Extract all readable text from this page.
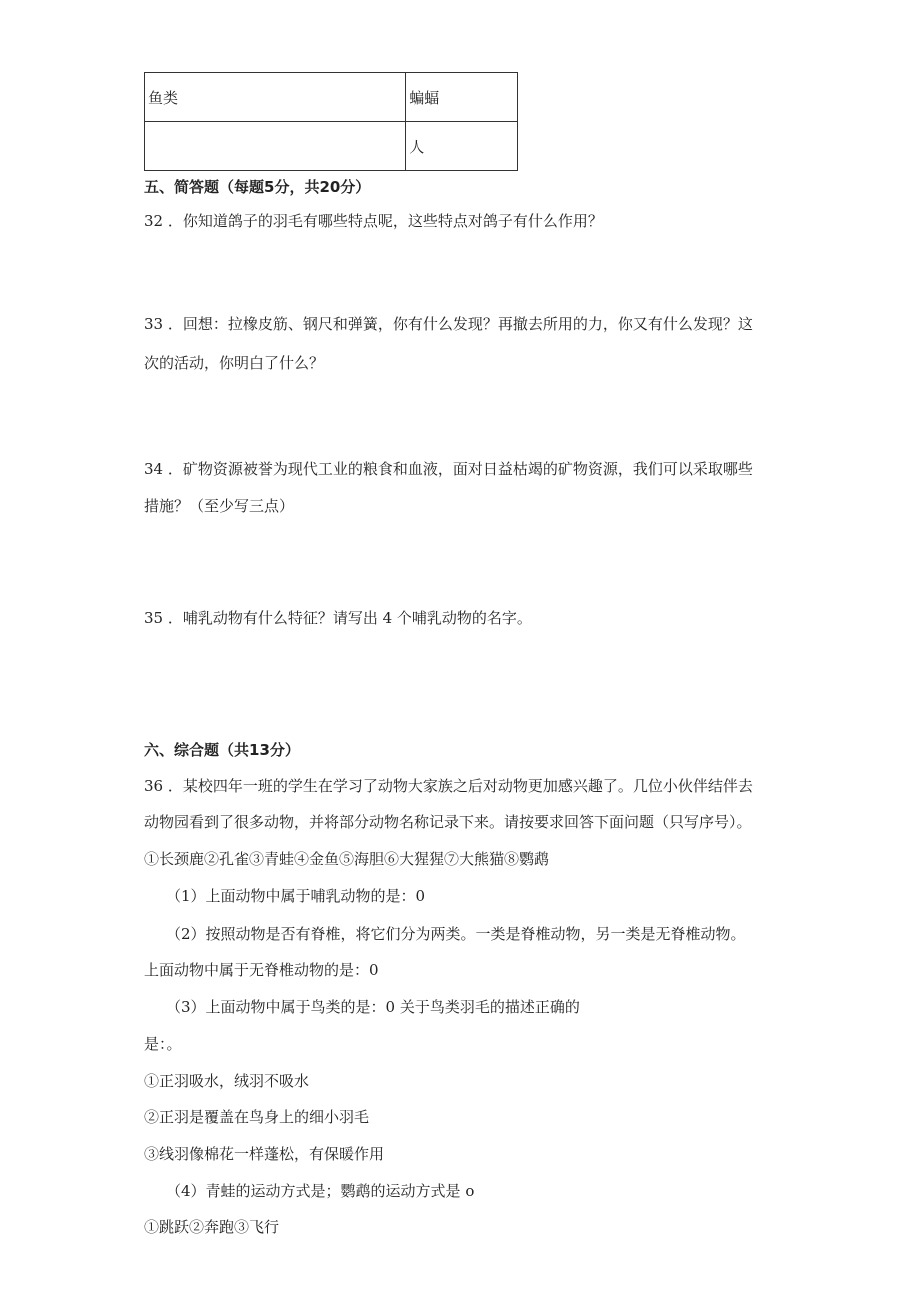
鱼类	蝙蝠
	人
五、简答题（每题5分，共20分）
32 ．你知道鸽子的羽毛有哪些特点呢，这些特点对鸽子有什么作用？
33 ．回想：拉橡皮筋、钢尺和弹簧，你有什么发现？再撤去所用的力，你又有什么发现？这
次的活动，你明白了什么？
34 ．矿物资源被誉为现代工业的粮食和血液，面对日益枯竭的矿物资源，我们可以采取哪些
措施？（至少写三点）
35 ．哺乳动物有什么特征？请写出 4 个哺乳动物的名字。
六、综合题（共13分）
36 ．某校四年一班的学生在学习了动物大家族之后对动物更加感兴趣了。几位小伙伴结伴去
动物园看到了很多动物，并将部分动物名称记录下来。请按要求回答下面问题（只写序号）。
①长颈鹿②孔雀③青蛙④金鱼⑤海胆⑥大猩猩⑦大熊猫⑧鹦鹉
（1）上面动物中属于哺乳动物的是：0
（2）按照动物是否有脊椎，将它们分为两类。一类是脊椎动物，另一类是无脊椎动物。
上面动物中属于无脊椎动物的是：0
（3）上面动物中属于鸟类的是：0 关于鸟类羽毛的描述正确的
是：。
①正羽吸水，绒羽不吸水
②正羽是覆盖在鸟身上的细小羽毛
③线羽像棉花一样蓬松，有保暖作用
（4）青蛙的运动方式是；鹦鹉的运动方式是 o
①跳跃②奔跑③飞行
